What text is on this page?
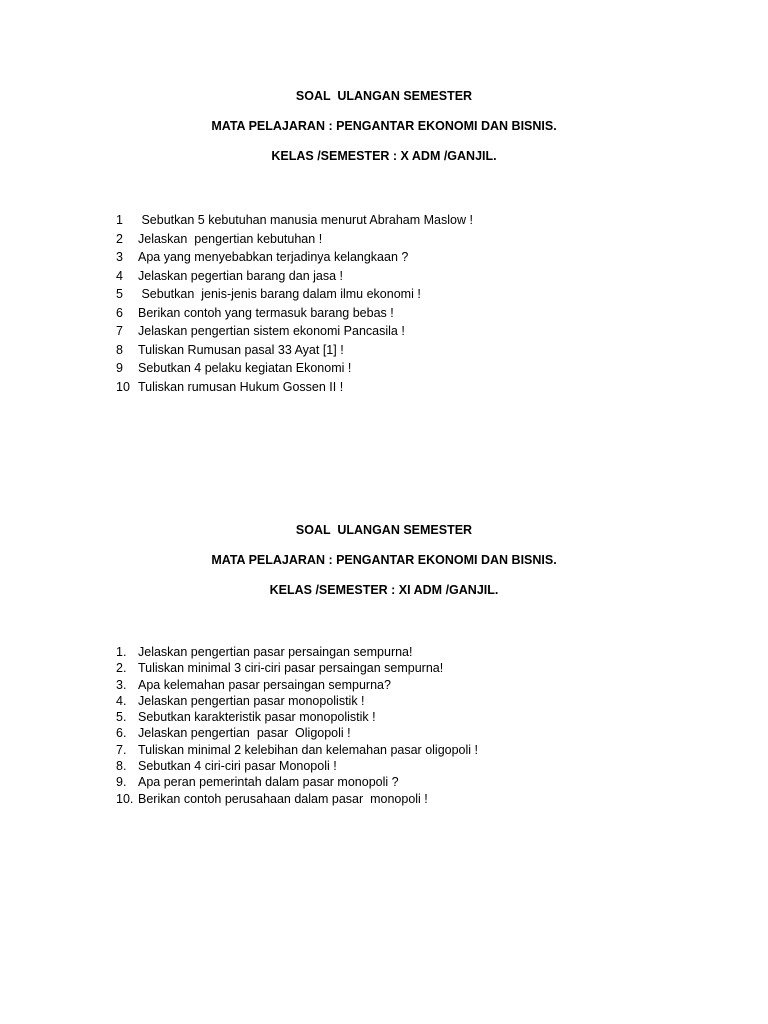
SOAL  ULANGAN SEMESTER

MATA PELAJARAN : PENGANTAR EKONOMI DAN BISNIS.

KELAS /SEMESTER : X ADM /GANJIL.

1 Sebutkan 5 kebutuhan manusia menurut Abraham Maslow !
2 Jelaskan  pengertian kebutuhan !
3 Apa yang menyebabkan terjadinya kelangkaan ?
4 Jelaskan pegertian barang dan jasa !
5 Sebutkan  jenis-jenis barang dalam ilmu ekonomi !
6 Berikan contoh yang termasuk barang bebas !
7 Jelaskan pengertian sistem ekonomi Pancasila !
8 Tuliskan Rumusan pasal 33 Ayat [1] !
9 Sebutkan 4 pelaku kegiatan Ekonomi !
10 Tuliskan rumusan Hukum Gossen II !

SOAL  ULANGAN SEMESTER

MATA PELAJARAN : PENGANTAR EKONOMI DAN BISNIS.

KELAS /SEMESTER : XI ADM /GANJIL.

1. Jelaskan pengertian pasar persaingan sempurna!
2. Tuliskan minimal 3 ciri-ciri pasar persaingan sempurna!
3. Apa kelemahan pasar persaingan sempurna?
4. Jelaskan pengertian pasar monopolistik !
5. Sebutkan karakteristik pasar monopolistik !
6. Jelaskan pengertian  pasar  Oligopoli !
7. Tuliskan minimal 2 kelebihan dan kelemahan pasar oligopoli !
8. Sebutkan 4 ciri-ciri pasar Monopoli !
9. Apa peran pemerintah dalam pasar monopoli ?
10. Berikan contoh perusahaan dalam pasar  monopoli !
